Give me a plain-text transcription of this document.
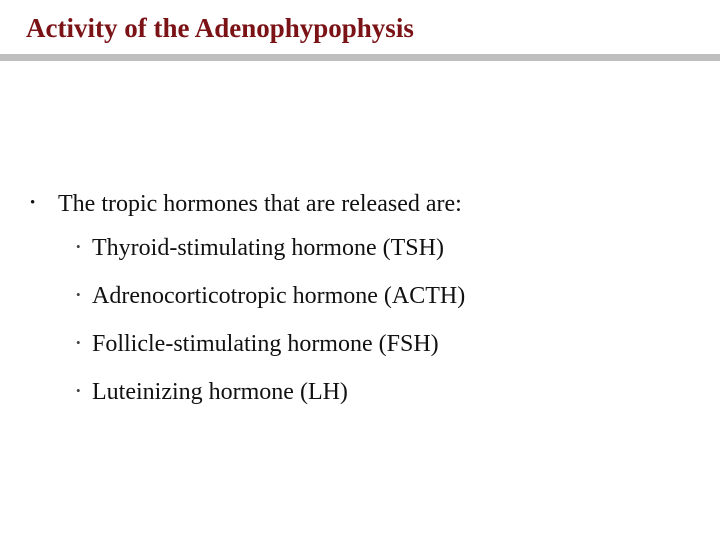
Activity of the Adenophypophysis
• The tropic hormones that are released are:
• Thyroid-stimulating hormone (TSH)
• Adrenocorticotropic hormone (ACTH)
• Follicle-stimulating hormone (FSH)
• Luteinizing hormone (LH)
